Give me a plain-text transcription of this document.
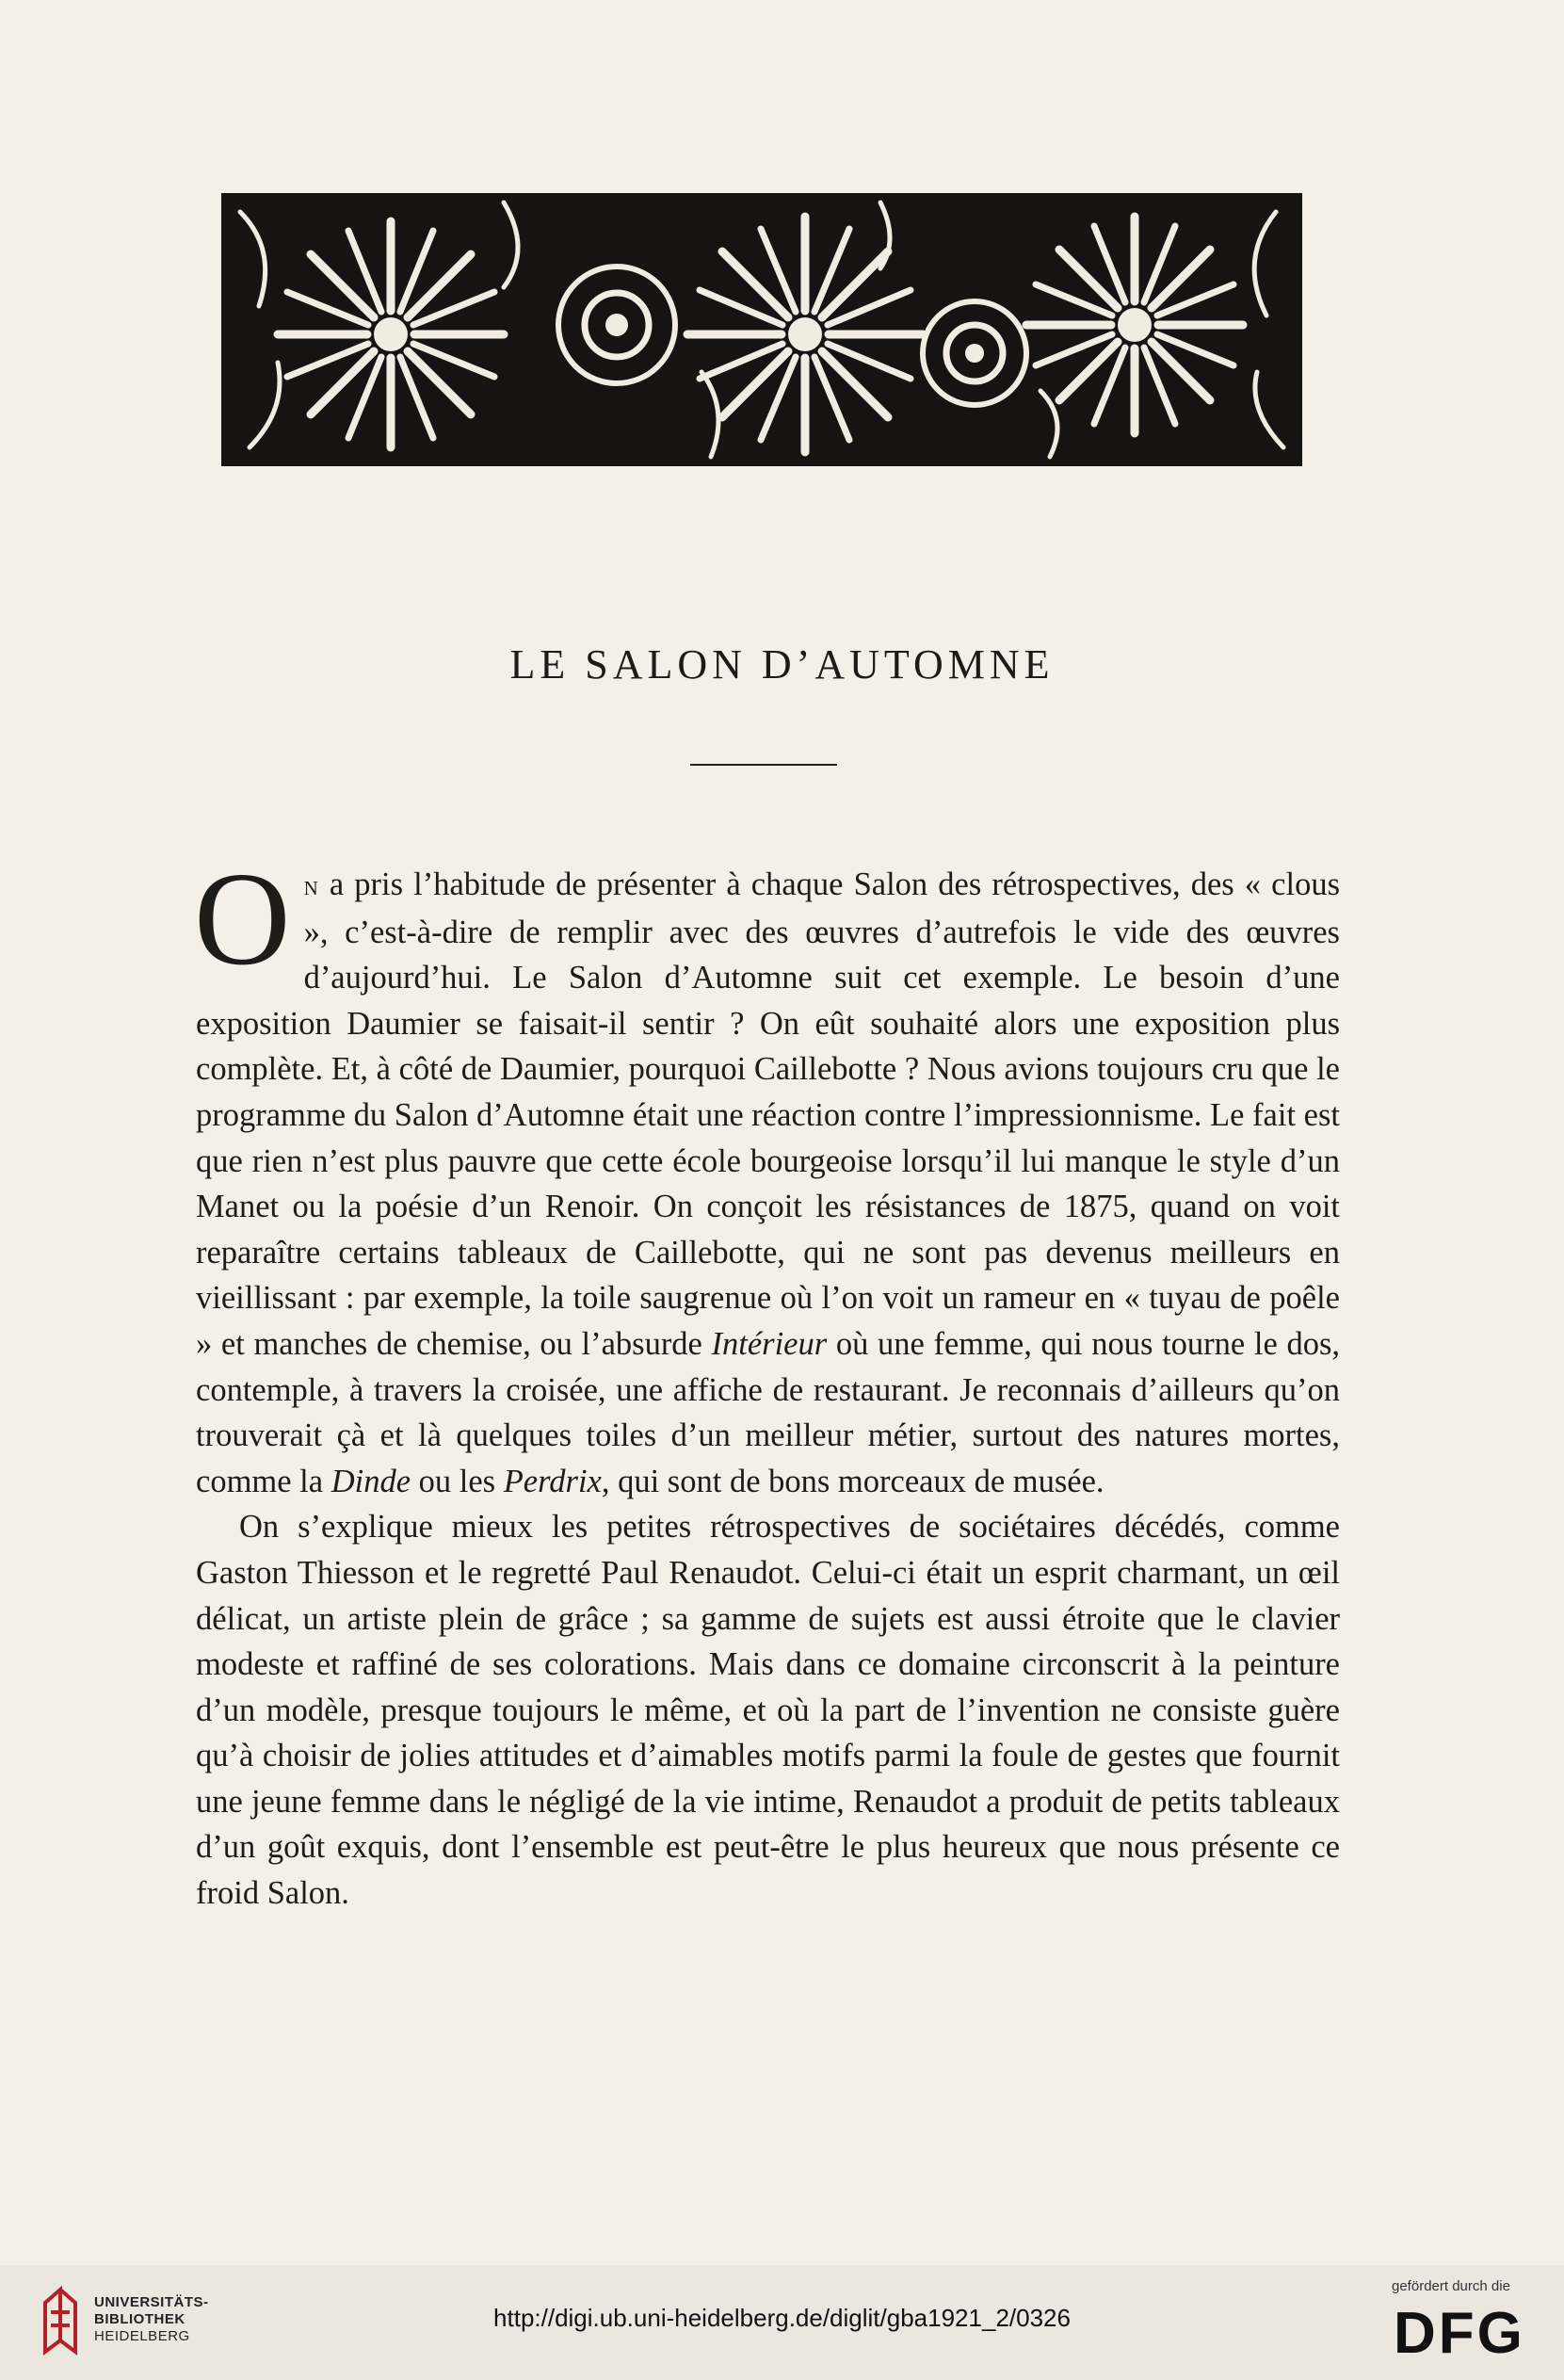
LE SALON D’AUTOMNE

On a pris l’habitude de présenter à chaque Salon des rétrospectives, des « clous », c’est-à-dire de remplir avec des œuvres d’autrefois le vide des œuvres d’aujourd’hui. Le Salon d’Automne suit cet exemple. Le besoin d’une exposition Daumier se faisait-il sentir ? On eût souhaité alors une exposition plus complète. Et, à côté de Daumier, pourquoi Caillebotte ? Nous avions toujours cru que le programme du Salon d’Automne était une réaction contre l’impressionnisme. Le fait est que rien n’est plus pauvre que cette école bourgeoise lorsqu’il lui manque le style d’un Manet ou la poésie d’un Renoir. On conçoit les résistances de 1875, quand on voit reparaître certains tableaux de Caillebotte, qui ne sont pas devenus meilleurs en vieillissant : par exemple, la toile saugrenue où l’on voit un rameur en « tuyau de poêle » et manches de chemise, ou l’absurde Intérieur où une femme, qui nous tourne le dos, contemple, à travers la croisée, une affiche de restaurant. Je reconnais d’ailleurs qu’on trouverait çà et là quelques toiles d’un meilleur métier, surtout des natures mortes, comme la Dinde ou les Perdrix, qui sont de bons morceaux de musée.

On s’explique mieux les petites rétrospectives de sociétaires décédés, comme Gaston Thiesson et le regretté Paul Renaudot. Celui-ci était un esprit charmant, un œil délicat, un artiste plein de grâce ; sa gamme de sujets est aussi étroite que le clavier modeste et raffiné de ses colorations. Mais dans ce domaine circonscrit à la peinture d’un modèle, presque toujours le même, et où la part de l’invention ne consiste guère qu’à choisir de jolies attitudes et d’aimables motifs parmi la foule de gestes que fournit une jeune femme dans le négligé de la vie intime, Renaudot a produit de petits tableaux d’un goût exquis, dont l’ensemble est peut-être le plus heureux que nous présente ce froid Salon.

UNIVERSITÄTS-
BIBLIOTHEK
HEIDELBERG
http://digi.ub.uni-heidelberg.de/diglit/gba1921_2/0326
gefördert durch die
DFG
